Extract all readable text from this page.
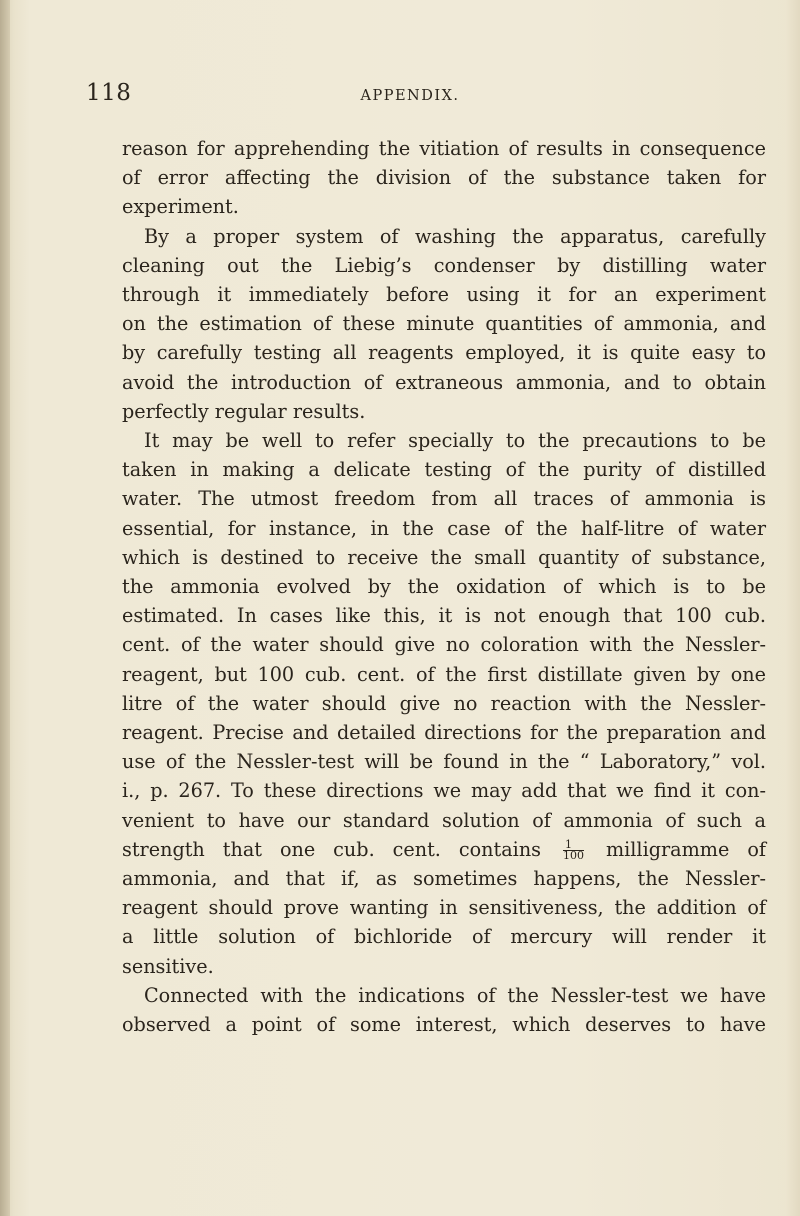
118	APPENDIX.
reason for apprehending the vitiation of results in consequence
of error affecting the division of the substance taken for
experiment.
By a proper system of washing the apparatus, carefully
cleaning out the Liebig’s condenser by distilling water
through it immediately before using it for an experiment
on the estimation of these minute quantities of ammonia, and
by carefully testing all reagents employed, it is quite easy to
avoid the introduction of extraneous ammonia, and to obtain
perfectly regular results.
It may be well to refer specially to the precautions to be
taken in making a delicate testing of the purity of distilled
water. The utmost freedom from all traces of ammonia is
essential, for instance, in the case of the half-litre of water
which is destined to receive the small quantity of substance,
the ammonia evolved by the oxidation of which is to be
estimated. In cases like this, it is not enough that 100 cub.
cent. of the water should give no coloration with the Nessler-
reagent, but 100 cub. cent. of the first distillate given by one
litre of the water should give no reaction with the Nessler-
reagent. Precise and detailed directions for the preparation and
use of the Nessler-test will be found in the “ Laboratory,” vol.
i., p. 267. To these directions we may add that we find it con-
venient to have our standard solution of ammonia of such a
strength that one cub. cent. contains $\frac{1}{100}$ milligramme of
ammonia, and that if, as sometimes happens, the Nessler-
reagent should prove wanting in sensitiveness, the addition of
a little solution of bichloride of mercury will render it
sensitive.
Connected with the indications of the Nessler-test we have
observed a point of some interest, which deserves to have
